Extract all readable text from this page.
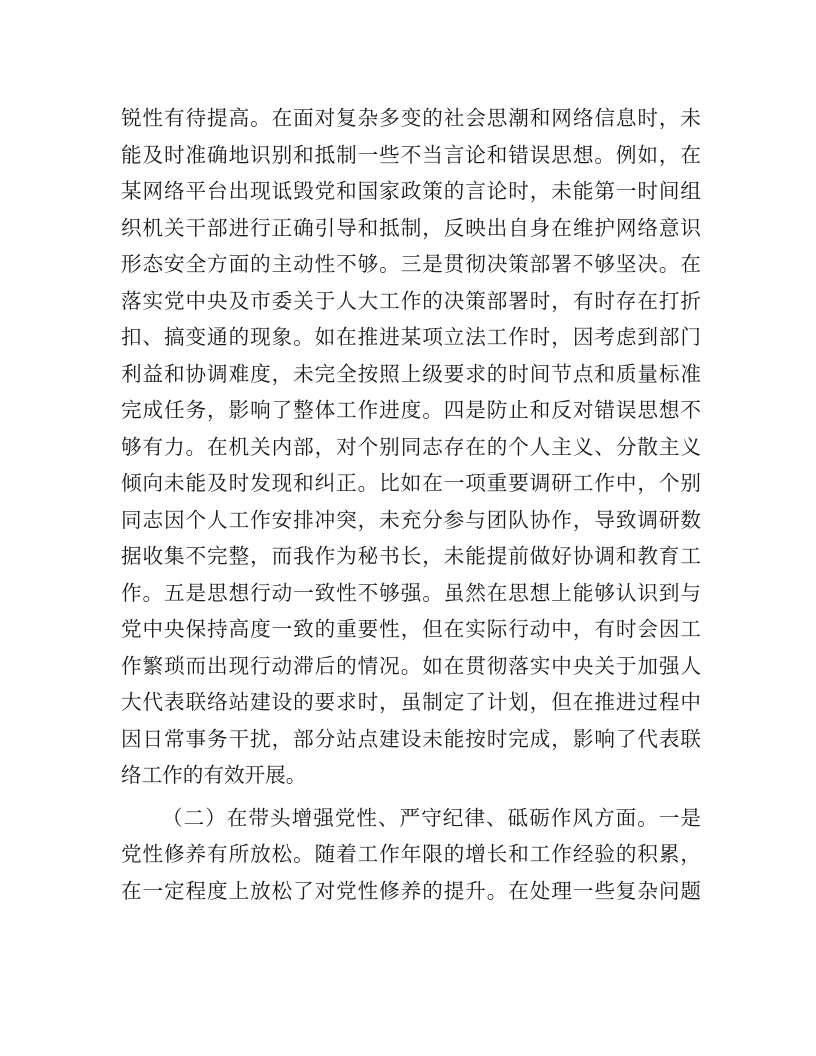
锐性有待提高。在面对复杂多变的社会思潮和网络信息时，未
能及时准确地识别和抵制一些不当言论和错误思想。例如，在
某网络平台出现诋毁党和国家政策的言论时，未能第一时间组
织机关干部进行正确引导和抵制，反映出自身在维护网络意识
形态安全方面的主动性不够。三是贯彻决策部署不够坚决。在
落实党中央及市委关于人大工作的决策部署时，有时存在打折
扣、搞变通的现象。如在推进某项立法工作时，因考虑到部门
利益和协调难度，未完全按照上级要求的时间节点和质量标准
完成任务，影响了整体工作进度。四是防止和反对错误思想不
够有力。在机关内部，对个别同志存在的个人主义、分散主义
倾向未能及时发现和纠正。比如在一项重要调研工作中，个别
同志因个人工作安排冲突，未充分参与团队协作，导致调研数
据收集不完整，而我作为秘书长，未能提前做好协调和教育工
作。五是思想行动一致性不够强。虽然在思想上能够认识到与
党中央保持高度一致的重要性，但在实际行动中，有时会因工
作繁琐而出现行动滞后的情况。如在贯彻落实中央关于加强人
大代表联络站建设的要求时，虽制定了计划，但在推进过程中
因日常事务干扰，部分站点建设未能按时完成，影响了代表联
络工作的有效开展。
（二）在带头增强党性、严守纪律、砥砺作风方面。一是
党性修养有所放松。随着工作年限的增长和工作经验的积累，
在一定程度上放松了对党性修养的提升。在处理一些复杂问题
